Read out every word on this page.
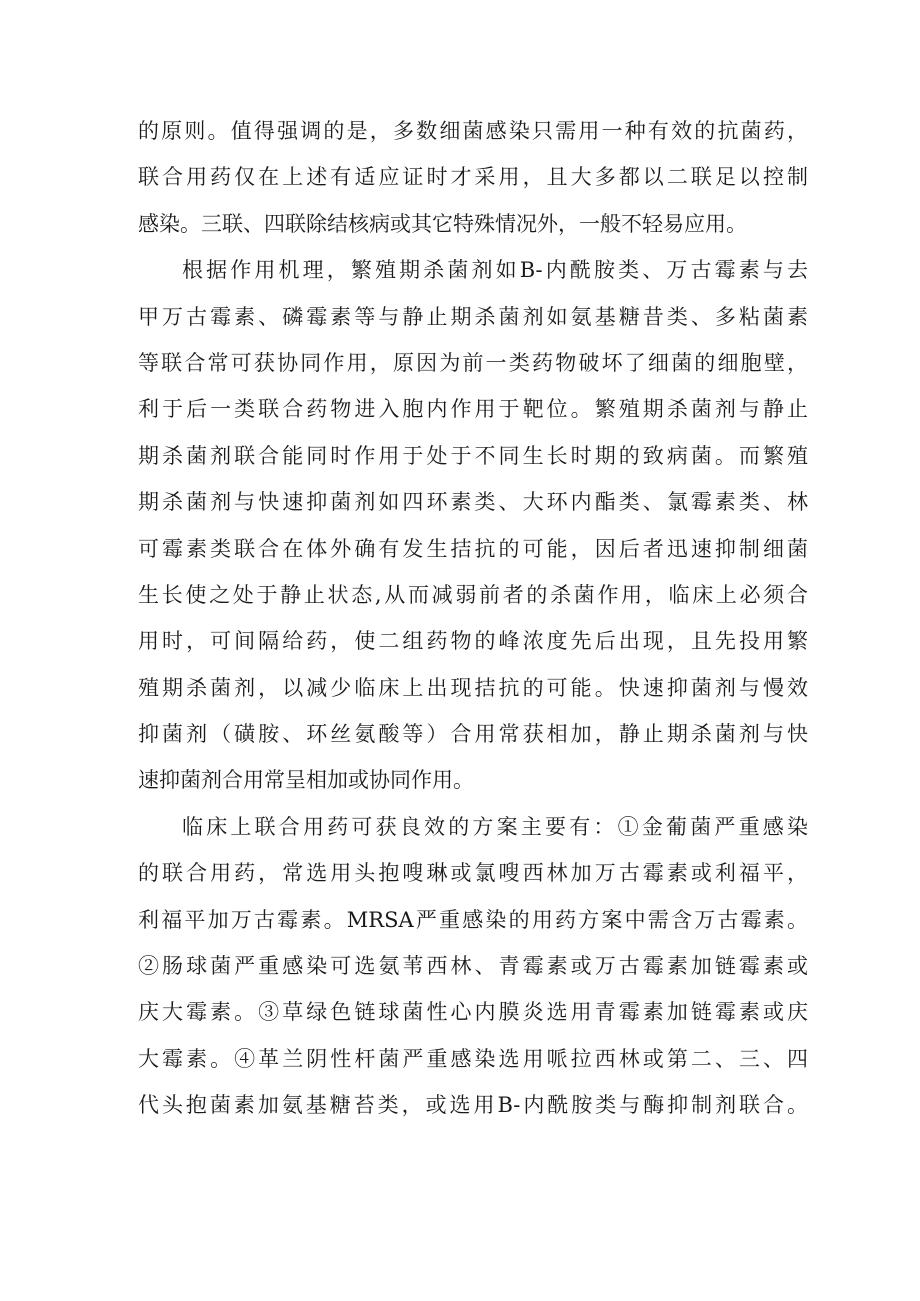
的原则。值得强调的是，多数细菌感染只需用一种有效的抗菌药，
联合用药仅在上述有适应证时才采用，且大多都以二联足以控制
感染。三联、四联除结核病或其它特殊情况外，一般不轻易应用。
根据作用机理，繁殖期杀菌剂如B-内酰胺类、万古霉素与去
甲万古霉素、磷霉素等与静止期杀菌剂如氨基糖昔类、多粘菌素
等联合常可获协同作用，原因为前一类药物破坏了细菌的细胞壁，
利于后一类联合药物进入胞内作用于靶位。繁殖期杀菌剂与静止
期杀菌剂联合能同时作用于处于不同生长时期的致病菌。而繁殖
期杀菌剂与快速抑菌剂如四环素类、大环内酯类、氯霉素类、林
可霉素类联合在体外确有发生拮抗的可能，因后者迅速抑制细菌
生长使之处于静止状态,从而减弱前者的杀菌作用，临床上必须合
用时，可间隔给药，使二组药物的峰浓度先后出现，且先投用繁
殖期杀菌剂，以减少临床上出现拮抗的可能。快速抑菌剂与慢效
抑菌剂（磺胺、环丝氨酸等）合用常获相加，静止期杀菌剂与快
速抑菌剂合用常呈相加或协同作用。
临床上联合用药可获良效的方案主要有：①金葡菌严重感染
的联合用药，常选用头抱嗖琳或氯嗖西林加万古霉素或利福平，
利福平加万古霉素。MRSA严重感染的用药方案中需含万古霉素。
②肠球菌严重感染可选氨苇西林、青霉素或万古霉素加链霉素或
庆大霉素。③草绿色链球菌性心内膜炎选用青霉素加链霉素或庆
大霉素。④革兰阴性杆菌严重感染选用哌拉西林或第二、三、四
代头抱菌素加氨基糖苔类，或选用B-内酰胺类与酶抑制剂联合。
